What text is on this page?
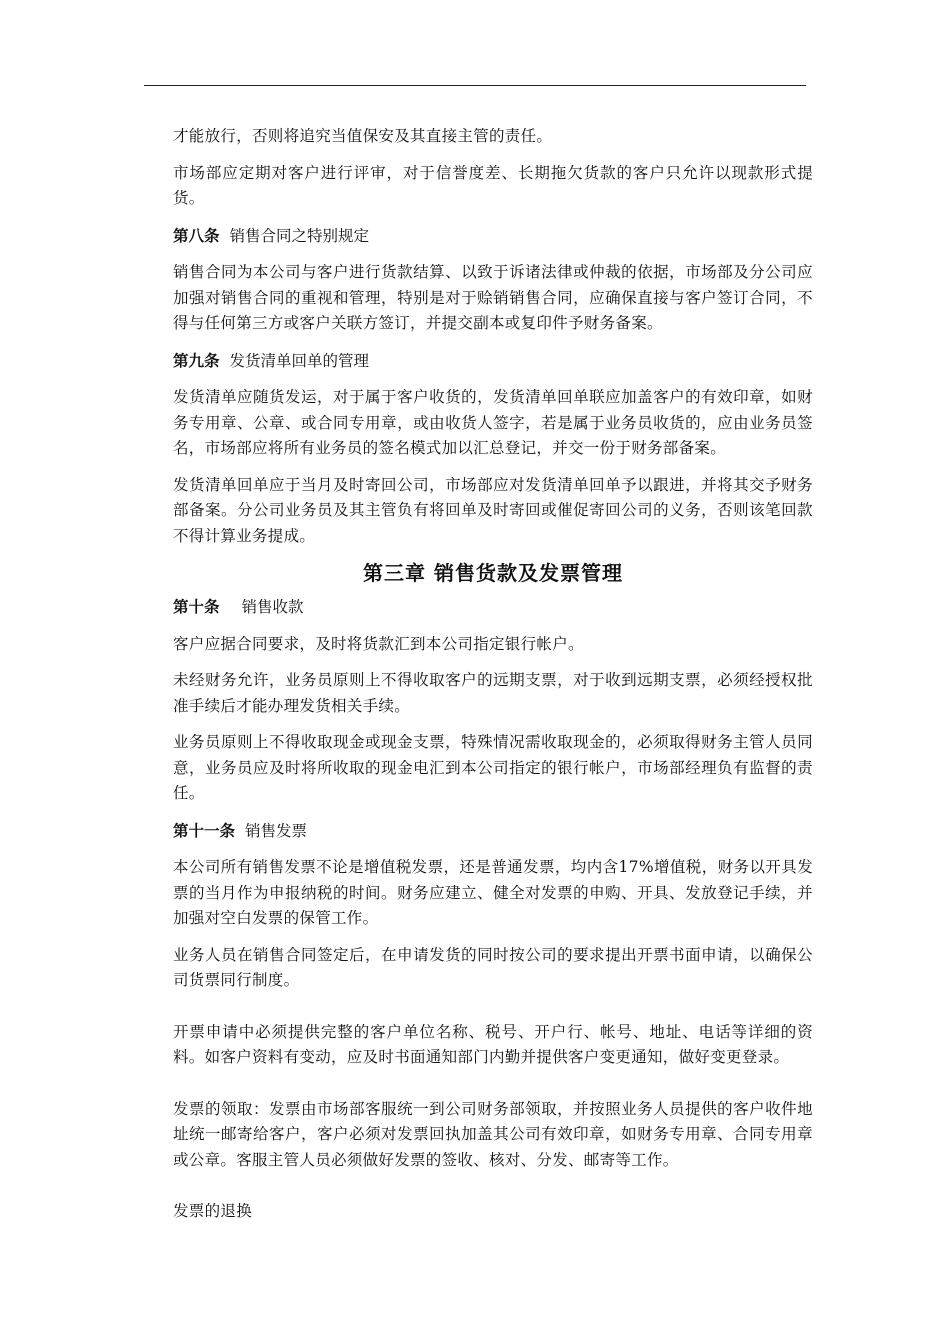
才能放行，否则将追究当值保安及其直接主管的责任。

市场部应定期对客户进行评审，对于信誉度差、长期拖欠货款的客户只允许以现款形式提货。

第八条 销售合同之特别规定

销售合同为本公司与客户进行货款结算、以致于诉诸法律或仲裁的依据，市场部及分公司应加强对销售合同的重视和管理，特别是对于赊销销售合同，应确保直接与客户签订合同，不得与任何第三方或客户关联方签订，并提交副本或复印件予财务备案。

第九条 发货清单回单的管理

发货清单应随货发运，对于属于客户收货的，发货清单回单联应加盖客户的有效印章，如财务专用章、公章、或合同专用章，或由收货人签字，若是属于业务员收货的，应由业务员签名，市场部应将所有业务员的签名模式加以汇总登记，并交一份于财务部备案。

发货清单回单应于当月及时寄回公司，市场部应对发货清单回单予以跟进，并将其交予财务部备案。分公司业务员及其主管负有将回单及时寄回或催促寄回公司的义务，否则该笔回款不得计算业务提成。

第三章 销售货款及发票管理
第十条 销售收款

客户应据合同要求，及时将货款汇到本公司指定银行帐户。

未经财务允许，业务员原则上不得收取客户的远期支票，对于收到远期支票，必须经授权批准手续后才能办理发货相关手续。

业务员原则上不得收取现金或现金支票，特殊情况需收取现金的，必须取得财务主管人员同意，业务员应及时将所收取的现金电汇到本公司指定的银行帐户，市场部经理负有监督的责任。

第十一条 销售发票

本公司所有销售发票不论是增值税发票，还是普通发票，均内含17%增值税，财务以开具发票的当月作为申报纳税的时间。财务应建立、健全对发票的申购、开具、发放登记手续，并加强对空白发票的保管工作。

业务人员在销售合同签定后，在申请发货的同时按公司的要求提出开票书面申请，以确保公司货票同行制度。

开票申请中必须提供完整的客户单位名称、税号、开户行、帐号、地址、电话等详细的资料。如客户资料有变动，应及时书面通知部门内勤并提供客户变更通知，做好变更登录。

发票的领取：发票由市场部客服统一到公司财务部领取，并按照业务人员提供的客户收件地址统一邮寄给客户，客户必须对发票回执加盖其公司有效印章，如财务专用章、合同专用章或公章。客服主管人员必须做好发票的签收、核对、分发、邮寄等工作。

发票的退换
